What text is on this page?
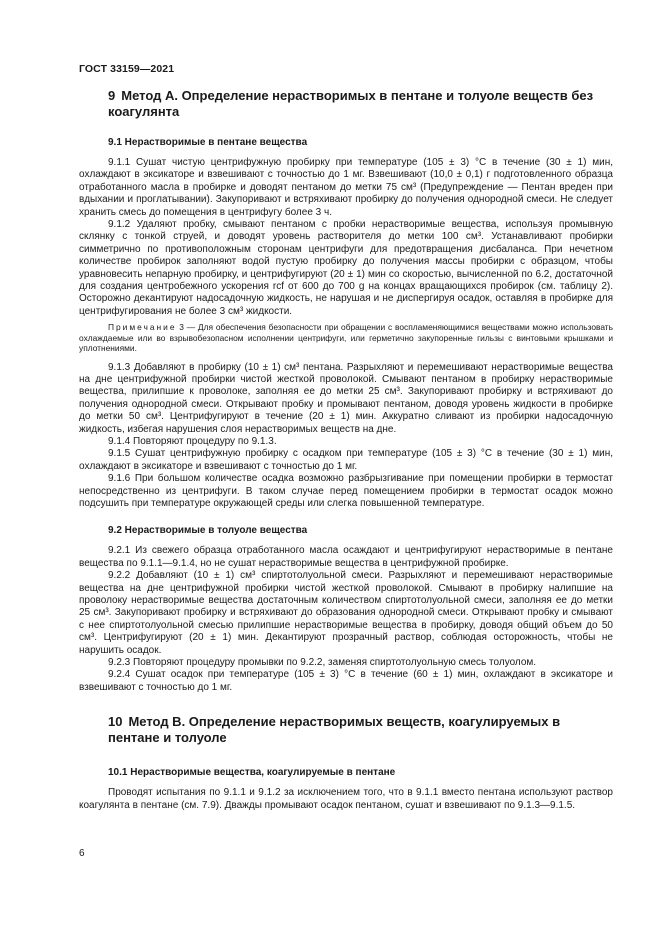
ГОСТ 33159—2021
9 Метод А. Определение нерастворимых в пентане и толуоле веществ без коагулянта
9.1 Нерастворимые в пентане вещества

9.1.1 Сушат чистую центрифужную пробирку при температуре (105 ± 3) °С в течение (30 ± 1) мин, охлаждают в эксикаторе и взвешивают с точностью до 1 мг. Взвешивают (10,0 ± 0,1) г подготовленного образца отработанного масла в пробирке и доводят пентаном до метки 75 см³ (Предупреждение — Пентан вреден при вдыхании и проглатывании). Закупоривают и встряхивают пробирку до получения однородной смеси. Не следует хранить смесь до помещения в центрифугу более 3 ч.

9.1.2 Удаляют пробку, смывают пентаном с пробки нерастворимые вещества, используя промывную склянку с тонкой струей, и доводят уровень растворителя до метки 100 см³. Устанавливают пробирки симметрично по противоположным сторонам центрифуги для предотвращения дисбаланса. При нечетном количестве пробирок заполняют водой пустую пробирку до получения массы пробирки с образцом, чтобы уравновесить непарную пробирку, и центрифугируют (20 ± 1) мин со скоростью, вычисленной по 6.2, достаточной для создания центробежного ускорения rcf от 600 до 700 g на концах вращающихся пробирок (см. таблицу 2). Осторожно декантируют надосадочную жидкость, не нарушая и не диспергируя осадок, оставляя в пробирке для центрифугирования не более 3 см³ жидкости.

Примечание 3 — Для обеспечения безопасности при обращении с воспламеняющимися веществами можно использовать охлаждаемые или во взрывобезопасном исполнении центрифуги, или герметично закупоренные гильзы с винтовыми крышками и уплотнениями.

9.1.3 Добавляют в пробирку (10 ± 1) см³ пентана. Разрыхляют и перемешивают нерастворимые вещества на дне центрифужной пробирки чистой жесткой проволокой. Смывают пентаном в пробирку нерастворимые вещества, прилипшие к проволоке, заполняя ее до метки 25 см³. Закупоривают пробирку и встряхивают до получения однородной смеси. Открывают пробку и промывают пентаном, доводя уровень жидкости в пробирке до метки 50 см³. Центрифугируют в течение (20 ± 1) мин. Аккуратно сливают из пробирки надосадочную жидкость, избегая нарушения слоя нерастворимых веществ на дне.

9.1.4 Повторяют процедуру по 9.1.3.

9.1.5 Сушат центрифужную пробирку с осадком при температуре (105 ± 3) °С в течение (30 ± 1) мин, охлаждают в эксикаторе и взвешивают с точностью до 1 мг.

9.1.6 При большом количестве осадка возможно разбрызгивание при помещении пробирки в термостат непосредственно из центрифуги. В таком случае перед помещением пробирки в термостат осадок можно подсушить при температуре окружающей среды или слегка повышенной температуре.

9.2 Нерастворимые в толуоле вещества

9.2.1 Из свежего образца отработанного масла осаждают и центрифугируют нерастворимые в пентане вещества по 9.1.1—9.1.4, но не сушат нерастворимые вещества в центрифужной пробирке.

9.2.2 Добавляют (10 ± 1) см³ спиртотолуольной смеси. Разрыхляют и перемешивают нерастворимые вещества на дне центрифужной пробирки чистой жесткой проволокой. Смывают в пробирку налипшие на проволоку нерастворимые вещества достаточным количеством спиртотолуольной смеси, заполняя ее до метки 25 см³. Закупоривают пробирку и встряхивают до образования однородной смеси. Открывают пробку и смывают с нее спиртотолуольной смесью прилипшие нерастворимые вещества в пробирку, доводя общий объем до 50 см³. Центрифугируют (20 ± 1) мин. Декантируют прозрачный раствор, соблюдая осторожность, чтобы не нарушить осадок.

9.2.3 Повторяют процедуру промывки по 9.2.2, заменяя спиртотолуольную смесь толуолом.

9.2.4 Сушат осадок при температуре (105 ± 3) °С в течение (60 ± 1) мин, охлаждают в эксикаторе и взвешивают с точностью до 1 мг.

10 Метод В. Определение нерастворимых веществ, коагулируемых в пентане и толуоле
10.1 Нерастворимые вещества, коагулируемые в пентане

Проводят испытания по 9.1.1 и 9.1.2 за исключением того, что в 9.1.1 вместо пентана используют раствор коагулянта в пентане (см. 7.9). Дважды промывают осадок пентаном, сушат и взвешивают по 9.1.3—9.1.5.

6
